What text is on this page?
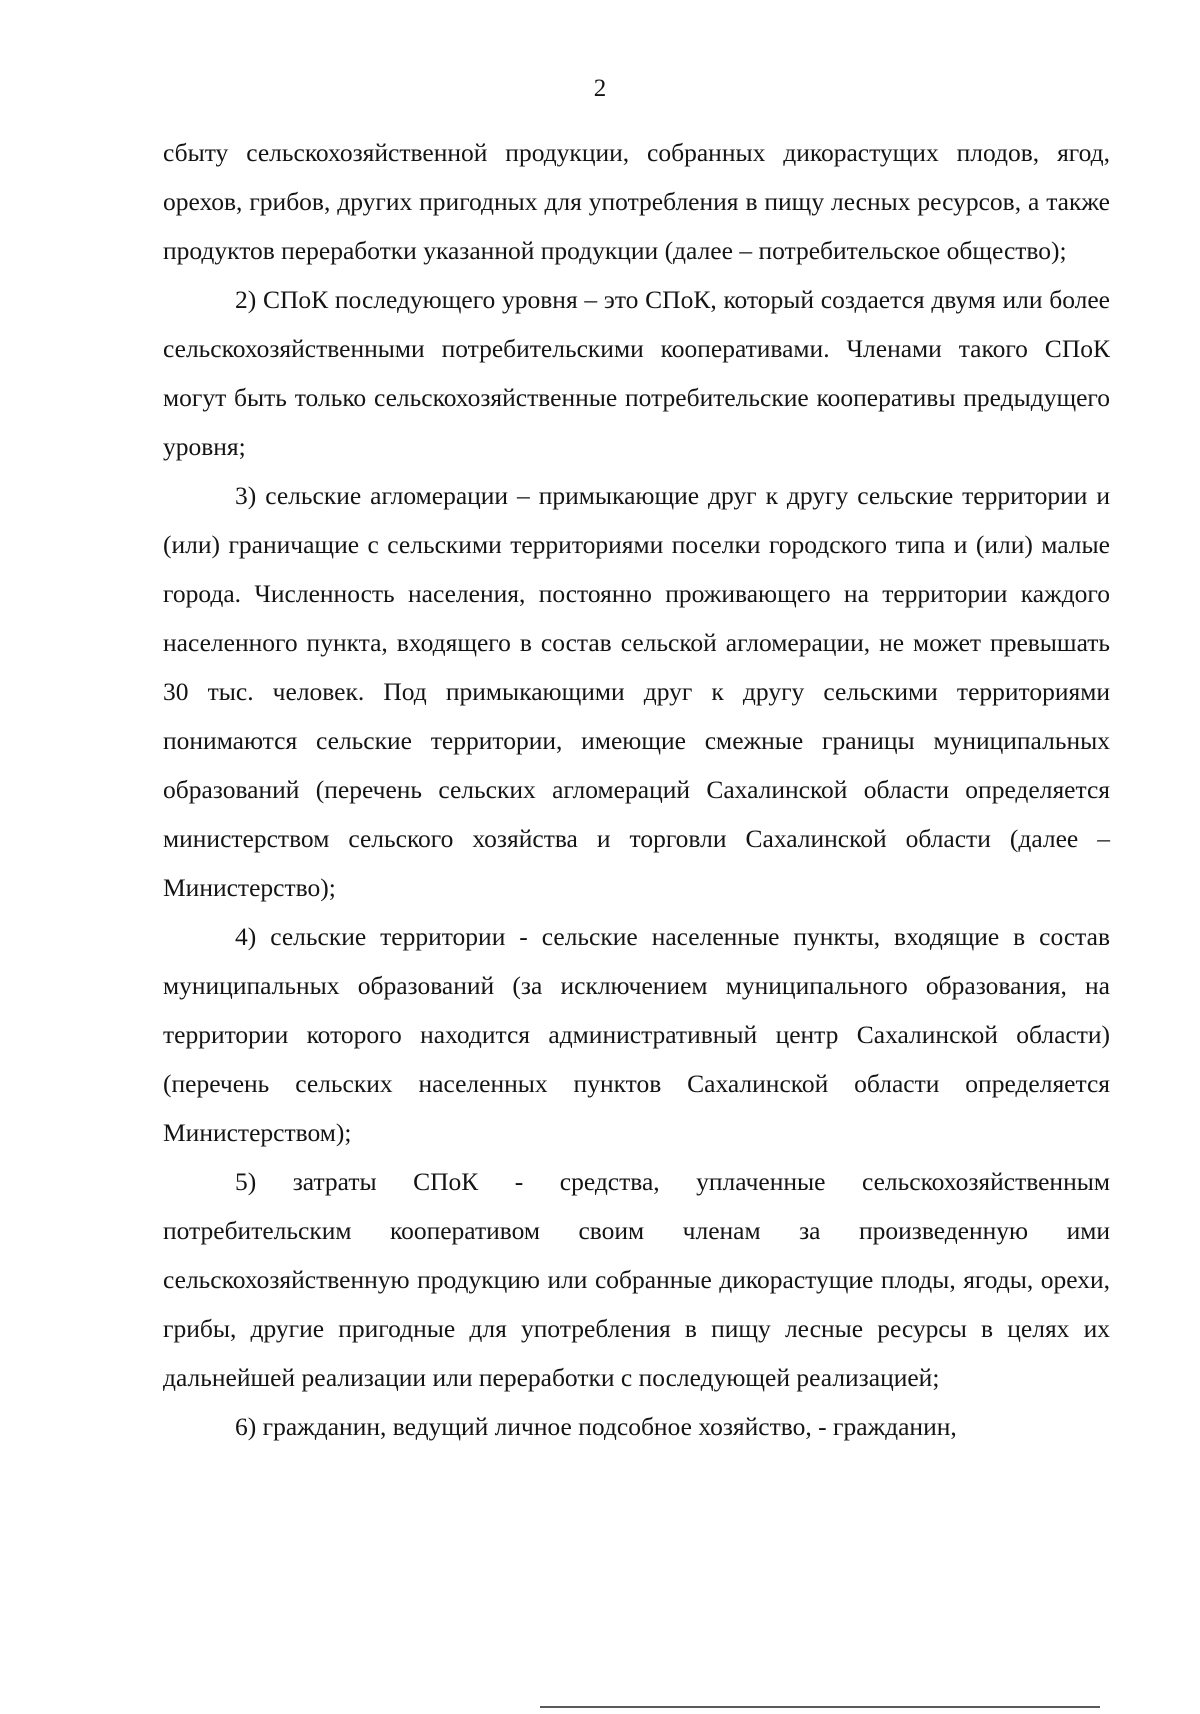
2

сбыту сельскохозяйственной продукции, собранных дикорастущих плодов, ягод, орехов, грибов, других пригодных для употребления в пищу лесных ресурсов, а также продуктов переработки указанной продукции (далее – потребительское общество);

2) СПоК последующего уровня – это СПоК, который создается двумя или более сельскохозяйственными потребительскими кооперативами. Членами такого СПоК могут быть только сельскохозяйственные потребительские кооперативы предыдущего уровня;

3) сельские агломерации – примыкающие друг к другу сельские территории и (или) граничащие с сельскими территориями поселки городского типа и (или) малые города. Численность населения, постоянно проживающего на территории каждого населенного пункта, входящего в состав сельской агломерации, не может превышать 30 тыс. человек. Под примыкающими друг к другу сельскими территориями понимаются сельские территории, имеющие смежные границы муниципальных образований (перечень сельских агломераций Сахалинской области определяется министерством сельского хозяйства и торговли Сахалинской области (далее – Министерство);

4) сельские территории - сельские населенные пункты, входящие в состав муниципальных образований (за исключением муниципального образования, на территории которого находится административный центр Сахалинской области) (перечень сельских населенных пунктов Сахалинской области определяется Министерством);

5) затраты СПоК - средства, уплаченные сельскохозяйственным потребительским кооперативом своим членам за произведенную ими сельскохозяйственную продукцию или собранные дикорастущие плоды, ягоды, орехи, грибы, другие пригодные для употребления в пищу лесные ресурсы в целях их дальнейшей реализации или переработки с последующей реализацией;

6) гражданин, ведущий личное подсобное хозяйство, - гражданин,
